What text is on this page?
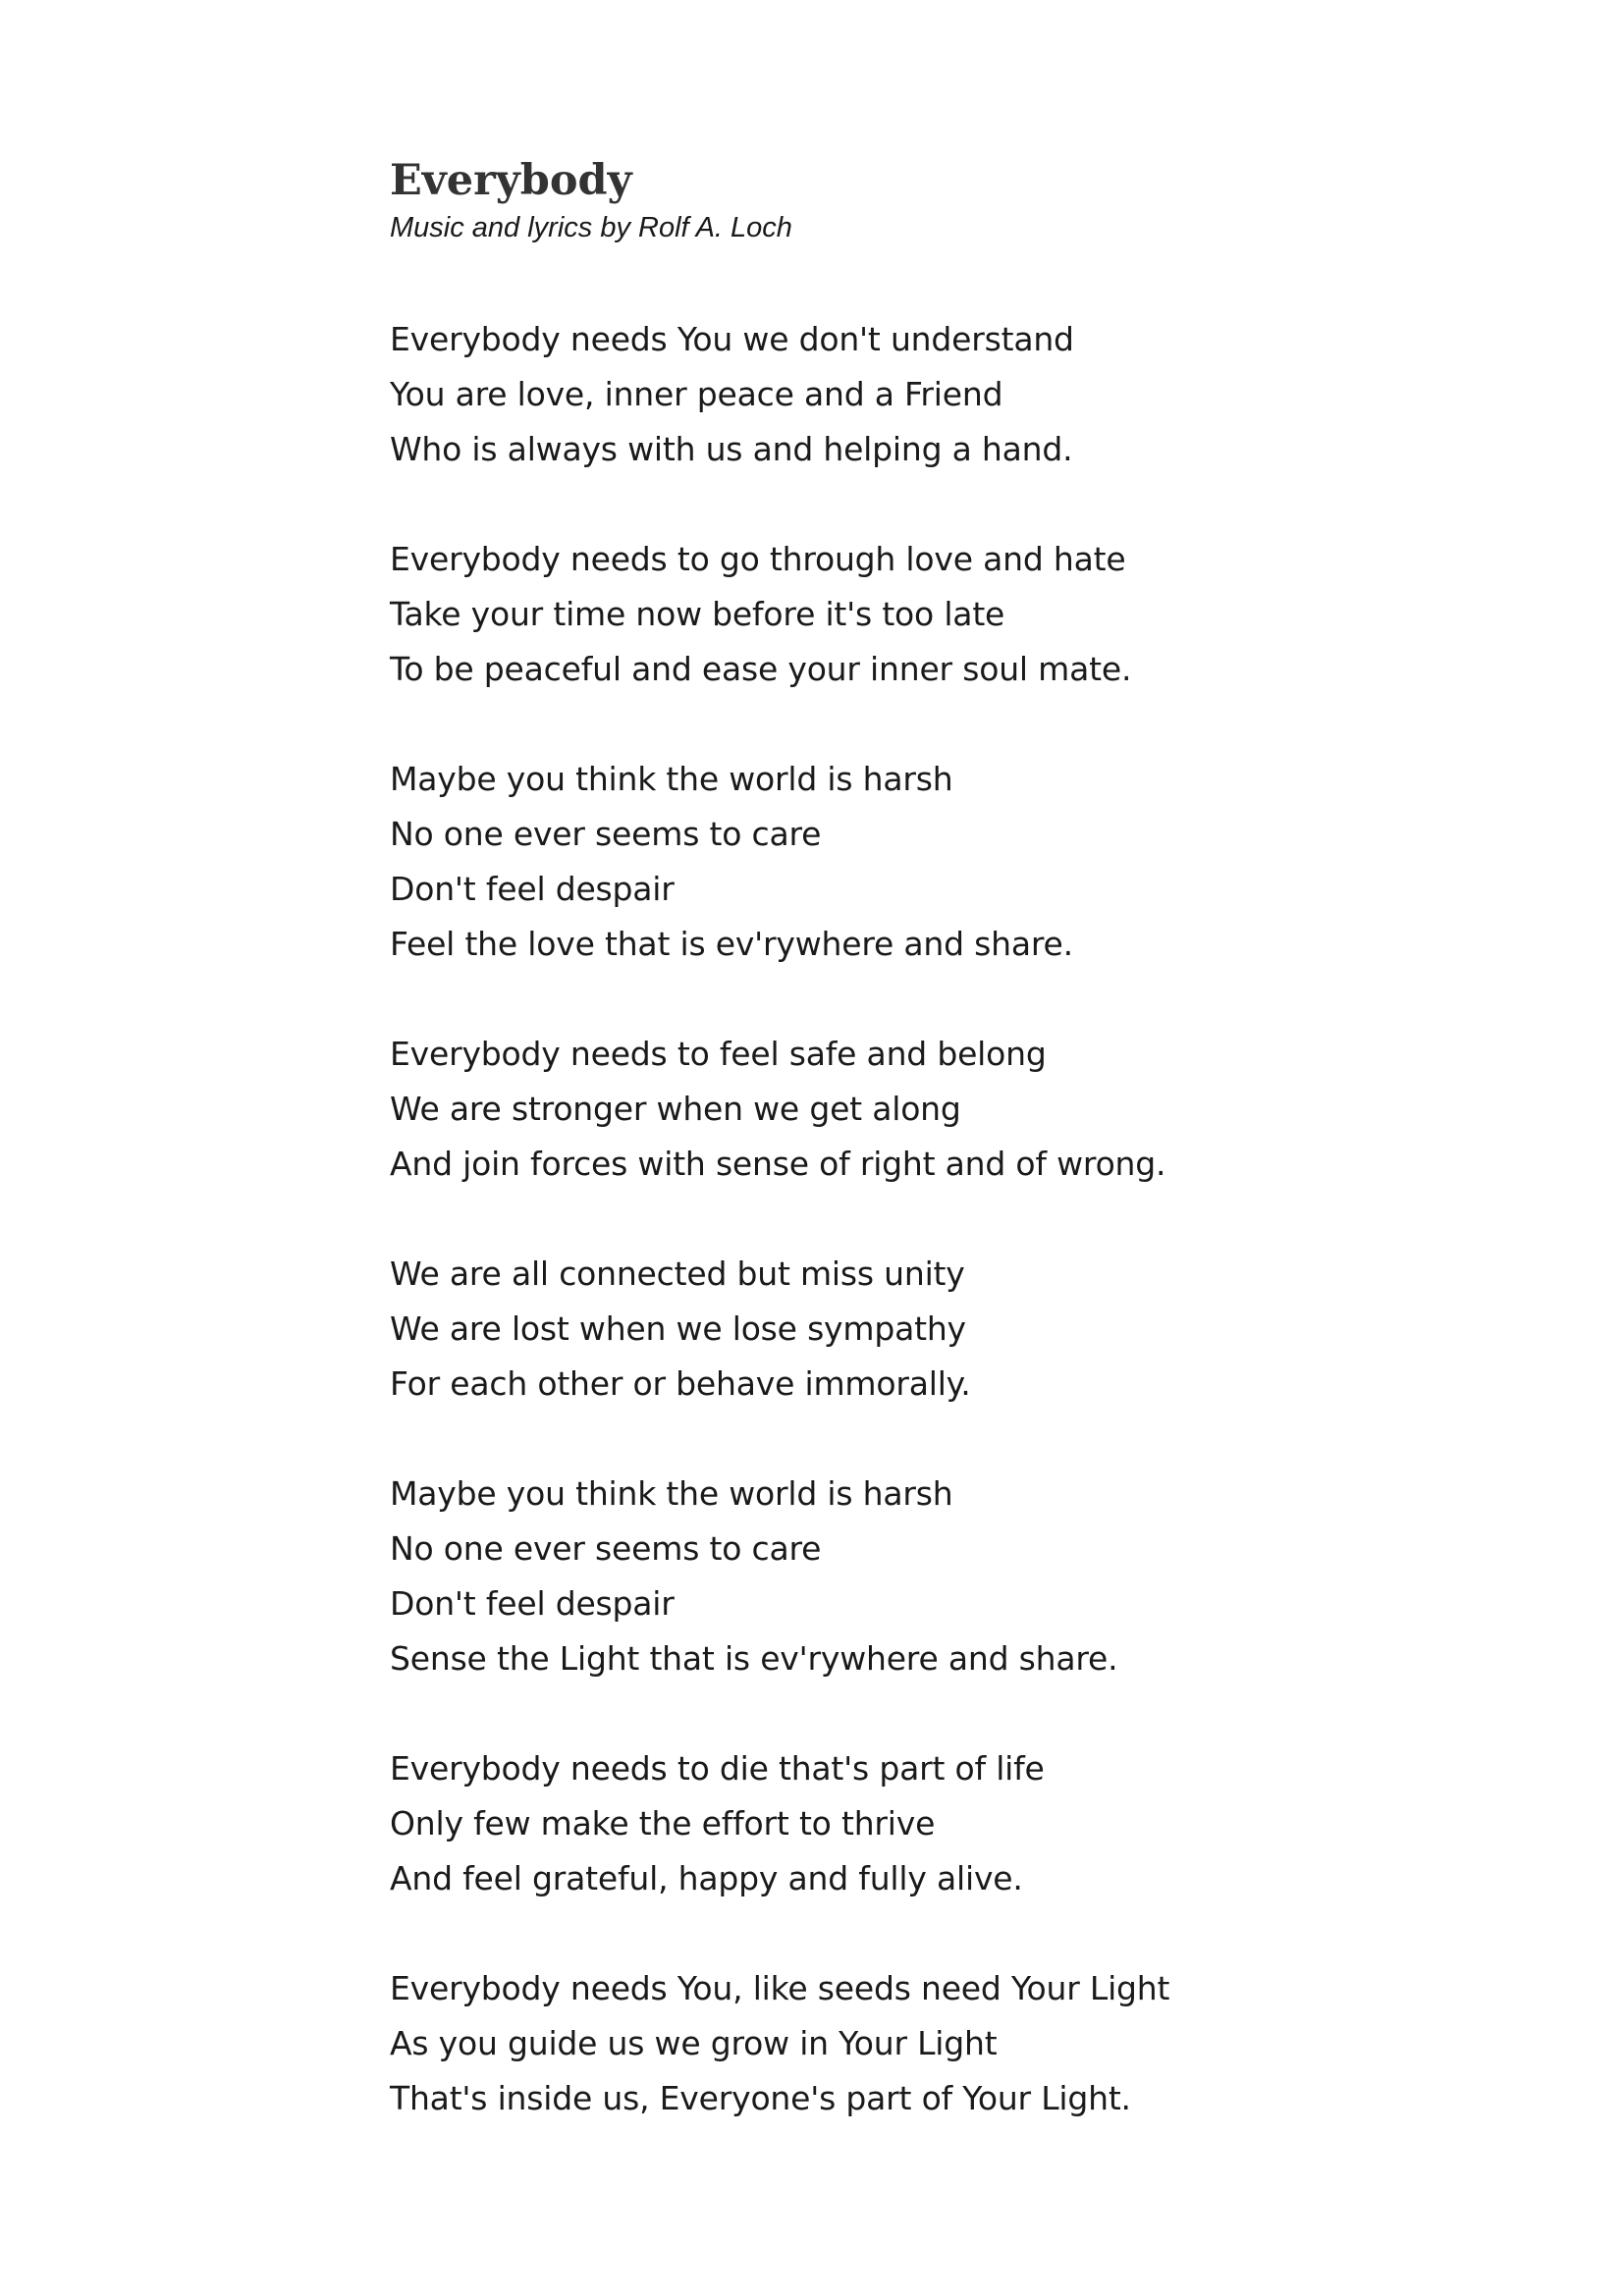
Everybody

Music and lyrics by Rolf A. Loch

Everybody needs You we don't understand
You are love, inner peace and a Friend
Who is always with us and helping a hand.
Everybody needs to go through love and hate
Take your time now before it's too late
To be peaceful and ease your inner soul mate.
Maybe you think the world is harsh
No one ever seems to care
Don't feel despair
Feel the love that is ev'rywhere and share.
Everybody needs to feel safe and belong
We are stronger when we get along
And join forces with sense of right and of wrong.
We are all connected but miss unity
We are lost when we lose sympathy
For each other or behave immorally.
Maybe you think the world is harsh
No one ever seems to care
Don't feel despair
Sense the Light that is ev'rywhere and share.
Everybody needs to die that's part of life
Only few make the effort to thrive
And feel grateful, happy and fully alive.
Everybody needs You, like seeds need Your Light
As you guide us we grow in Your Light
That's inside us, Everyone's part of Your Light.
